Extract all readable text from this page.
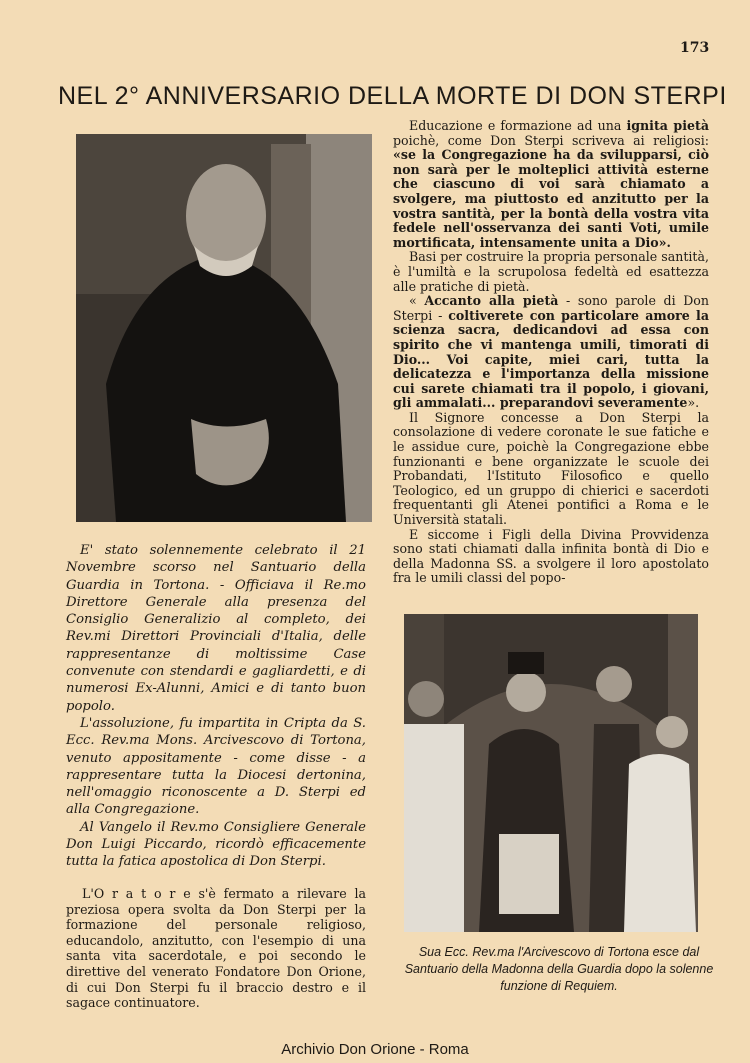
173
NEL 2° ANNIVERSARIO DELLA MORTE DI DON STERPI

E' stato solennemente celebrato il 21 Novembre scorso nel Santuario della Guardia in Tortona. - Officiava il Re.mo Direttore Generale alla presenza del Consiglio Generalizio al completo, dei Rev.mi Direttori Provinciali d'Italia, delle rappresentanze di moltissime Case convenute con stendardi e gagliardetti, e di numerosi Ex-Alunni, Amici e di tanto buon popolo.

L'assoluzione, fu impartita in Cripta da S. Ecc. Rev.ma Mons. Arcivescovo di Tortona, venuto appositamente - come disse - a rappresentare tutta la Diocesi dertonina, nell'omaggio riconoscente a D. Sterpi ed alla Congregazione.

Al Vangelo il Rev.mo Consigliere Generale Don Luigi Piccardo, ricordò efficacemente tutta la fatica apostolica di Don Sterpi.

L'O r a t o r e s'è fermato a rilevare la preziosa opera svolta da Don Sterpi per la formazione del personale religioso, educandolo, anzitutto, con l'esempio di una santa vita sacerdotale, e poi secondo le direttive del venerato Fondatore Don Orione, di cui Don Sterpi fu il braccio destro e il sagace continuatore.

Educazione e formazione ad una ignita pietà poichè, come Don Sterpi scriveva ai religiosi: «se la Congregazione ha da svilupparsi, ciò non sarà per le molteplici attività esterne che ciascuno di voi sarà chiamato a svolgere, ma piuttosto ed anzitutto per la vostra santità, per la bontà della vostra vita fedele nell'osservanza dei santi Voti, umile mortificata, intensamente unita a Dio».

Basi per costruire la propria personale santità, è l'umiltà e la scrupolosa fedeltà ed esattezza alle pratiche di pietà.

« Accanto alla pietà - sono parole di Don Sterpi - coltiverete con particolare amore la scienza sacra, dedicandovi ad essa con spirito che vi mantenga umili, timorati di Dio... Voi capite, miei cari, tutta la delicatezza e l'importanza della missione cui sarete chiamati tra il popolo, i giovani, gli ammalati... preparandovi severamente».

Il Signore concesse a Don Sterpi la consolazione di vedere coronate le sue fatiche e le assidue cure, poichè la Congregazione ebbe funzionanti e bene organizzate le scuole dei Probandati, l'Istituto Filosofico e quello Teologico, ed un gruppo di chierici e sacerdoti frequentanti gli Atenei pontifici a Roma e le Università statali.

E siccome i Figli della Divina Provvidenza sono stati chiamati dalla infinita bontà di Dio e della Madonna SS. a svolgere il loro apostolato fra le umili classi del popo-

Sua Ecc. Rev.ma l'Arcivescovo di Tortona esce dal Santuario della Madonna della Guardia dopo la solenne funzione di Requiem.
Archivio Don Orione - Roma
